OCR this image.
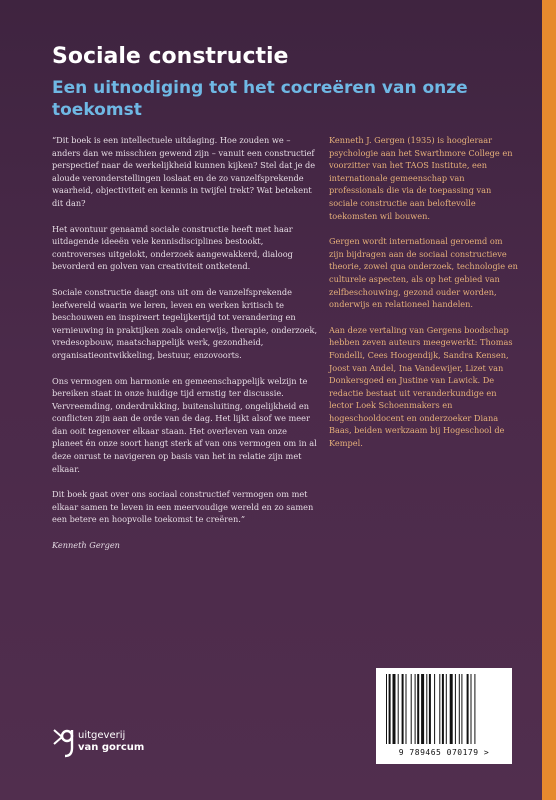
Sociale constructie
Een uitnodiging tot het cocreëren van onze toekomst

“Dit boek is een intellectuele uitdaging. Hoe zouden we – anders dan we misschien gewend zijn – vanuit een constructief perspectief naar de werkelijkheid kunnen kijken? Stel dat je de aloude veronderstellingen loslaat en de zo vanzelfsprekende waarheid, objectiviteit en kennis in twijfel trekt? Wat betekent dit dan?

Het avontuur genaamd sociale constructie heeft met haar uitdagende ideeën vele kennisdisciplines bestookt, controverses uitgelokt, onderzoek aangewakkerd, dialoog bevorderd en golven van creativiteit ontketend.

Sociale constructie daagt ons uit om de vanzelfsprekende leefwereld waarin we leren, leven en werken kritisch te beschouwen en inspireert tegelijkertijd tot verandering en vernieuwing in praktijken zoals onderwijs, therapie, onderzoek, vredesopbouw, maatschappelijk werk, gezondheid, organisatieontwikkeling, bestuur, enzovoorts.

Ons vermogen om harmonie en gemeenschappelijk welzijn te bereiken staat in onze huidige tijd ernstig ter discussie. Vervreemding, onderdrukking, buitensluiting, ongelijkheid en conflicten zijn aan de orde van de dag. Het lijkt alsof we meer dan ooit tegenover elkaar staan. Het overleven van onze planeet én onze soort hangt sterk af van ons vermogen om in al deze onrust te navigeren op basis van het in relatie zijn met elkaar.

Dit boek gaat over ons sociaal constructief vermogen om met elkaar samen te leven in een meervoudige wereld en zo samen een betere en hoopvolle toekomst te creëren.”

Kenneth Gergen

Kenneth J. Gergen (1935) is hoogleraar psychologie aan het Swarthmore College en voorzitter van het TAOS Institute, een internationale gemeenschap van professionals die via de toepassing van sociale constructie aan beloftevolle toekomsten wil bouwen.

Gergen wordt internationaal geroemd om zijn bijdragen aan de sociaal constructieve theorie, zowel qua onderzoek, technologie en culturele aspecten, als op het gebied van zelfbeschouwing, gezond ouder worden, onderwijs en relationeel handelen.

Aan deze vertaling van Gergens boodschap hebben zeven auteurs meegewerkt: Thomas Fondelli, Cees Hoogendijk, Sandra Kensen, Joost van Andel, Ina Vandewijer, Lizet van Donkersgoed en Justine van Lawick. De redactie bestaat uit veranderkundige en lector Loek Schoenmakers en hogeschooldocent en onderzoeker Diana Baas, beiden werkzaam bij Hogeschool de Kempel.

9 789465 070179 >
uitgeverij
van gorcum
